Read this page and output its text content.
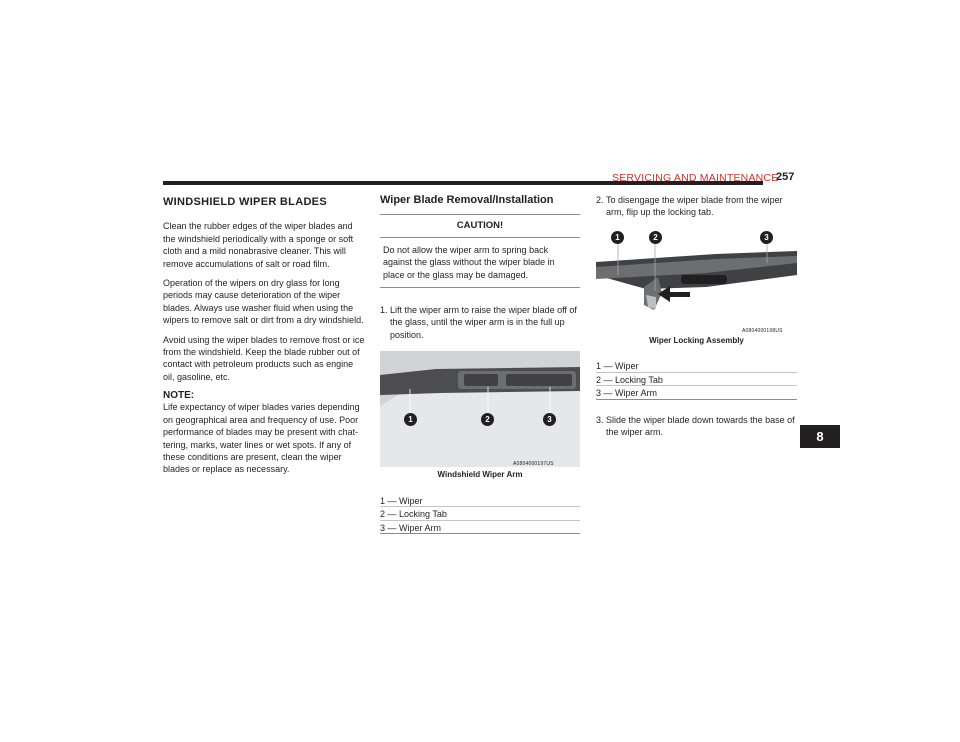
SERVICING AND MAINTENANCE
257
WINDSHIELD WIPER BLADES

Clean the rubber edges of the wiper blades and the windshield periodically with a sponge or soft cloth and a mild nonabrasive cleaner. This will remove accumulations of salt or road film.

Operation of the wipers on dry glass for long periods may cause deterioration of the wiper blades. Always use washer fluid when using the wipers to remove salt or dirt from a dry windshield.

Avoid using the wiper blades to remove frost or ice from the windshield. Keep the blade rubber out of contact with petroleum products such as engine oil, gasoline, etc.

NOTE:

Life expectancy of wiper blades varies depending on geographical area and frequency of use. Poor performance of blades may be present with chat- tering, marks, water lines or wet spots. If any of these conditions are present, clean the wiper blades or replace as necessary.

Wiper Blade Removal/Installation
CAUTION!
Do not allow the wiper arm to spring back against the glass without the wiper blade in place or the glass may be damaged.
1. Lift the wiper arm to raise the wiper blade off of the glass, until the wiper arm is in the full up position.
1	2	3
A0804000197US
Windshield Wiper Arm
1 — Wiper
2 — Locking Tab
3 — Wiper Arm
2. To disengage the wiper blade from the wiper arm, flip up the locking tab.
1	2	3
A0804000198US
Wiper Locking Assembly
1 — Wiper
2 — Locking Tab
3 — Wiper Arm
3. Slide the wiper blade down towards the base of the wiper arm.	8
